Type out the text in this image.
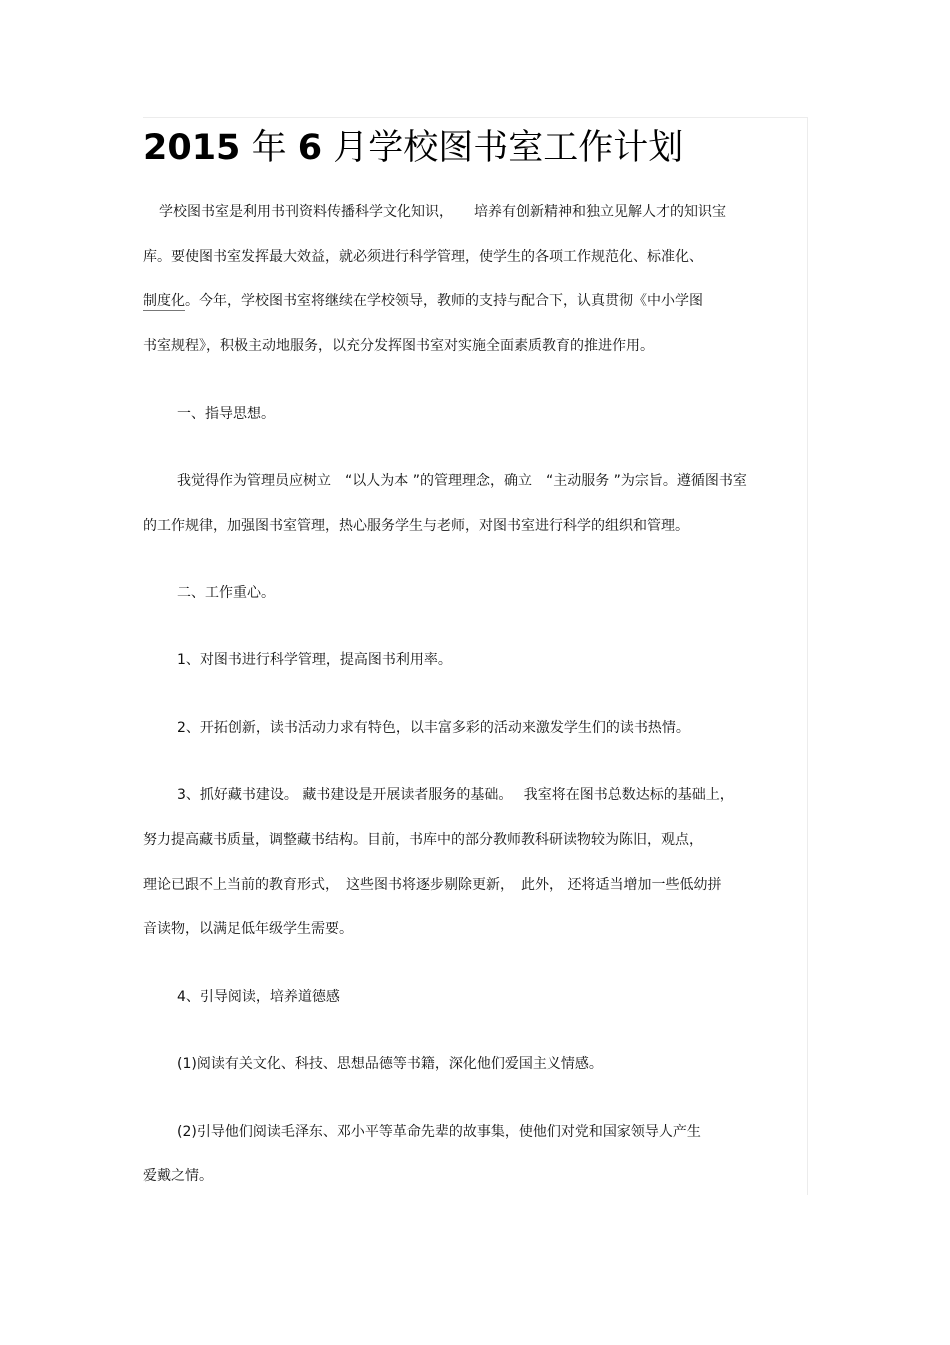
2015 年 6 月学校图书室工作计划
学校图书室是利用书刊资料传播科学文化知识，　　培养有创新精神和独立见解人才的知识宝
库。要使图书室发挥最大效益，就必须进行科学管理，使学生的各项工作规范化、标准化、
制度化。今年，学校图书室将继续在学校领导，教师的支持与配合下，认真贯彻《中小学图
书室规程》，积极主动地服务，以充分发挥图书室对实施全面素质教育的推进作用。
一、指导思想。
我觉得作为管理员应树立　“以人为本 ”的管理理念，确立　“主动服务 ”为宗旨。遵循图书室
的工作规律，加强图书室管理，热心服务学生与老师，对图书室进行科学的组织和管理。
二、工作重心。
1、对图书进行科学管理，提高图书利用率。
2、开拓创新，读书活动力求有特色，以丰富多彩的活动来激发学生们的读书热情。
3、抓好藏书建设。 藏书建设是开展读者服务的基础。　 我室将在图书总数达标的基础上，
努力提高藏书质量，调整藏书结构。目前，书库中的部分教师教科研读物较为陈旧，观点，
理论已跟不上当前的教育形式，　这些图书将逐步剔除更新，　此外， 还将适当增加一些低幼拼
音读物，以满足低年级学生需要。
4、引导阅读，培养道德感
(1)阅读有关文化、科技、思想品德等书籍，深化他们爱国主义情感。
(2)引导他们阅读毛泽东、邓小平等革命先辈的故事集，使他们对党和国家领导人产生
爱戴之情。
